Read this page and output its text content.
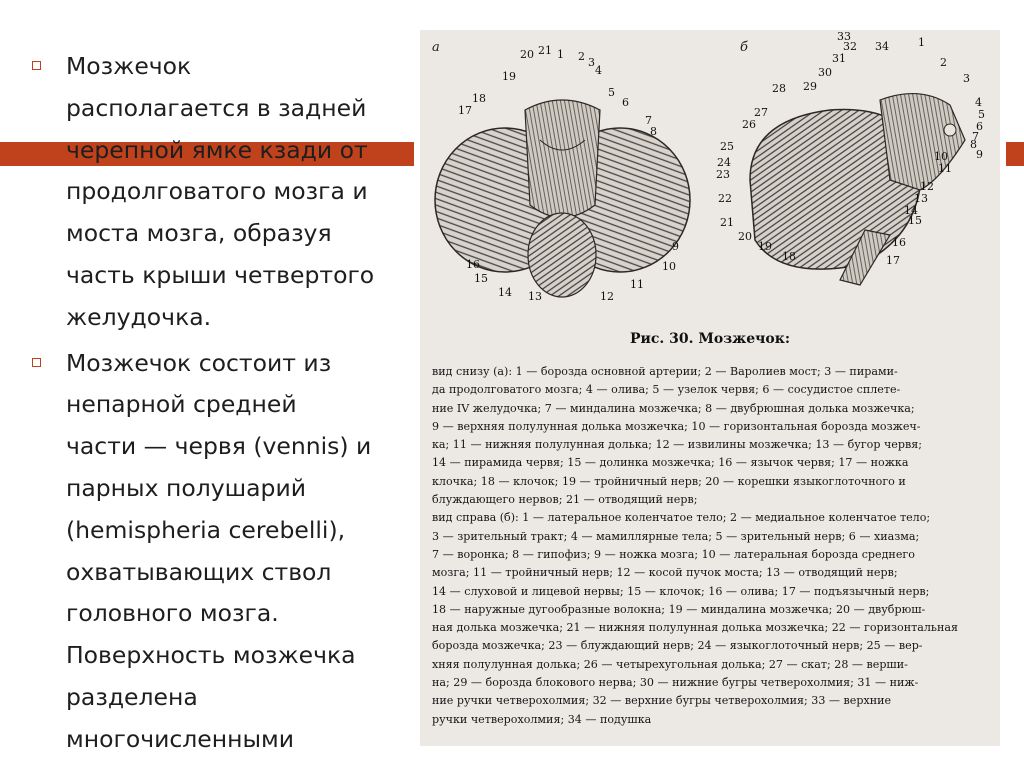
Мозжечок
располагается в задней
черепной ямке кзади от
продолговатого мозга и
моста мозга, образуя
часть крыши четвертого
желудочка.

Мозжечок состоит из
непарной средней
части — червя (vennis) и
парных полушарий
(hemispheria cerebelli),
охватывающих ствол
головного мозга.
Поверхность мозжечка
разделена
многочисленными

а	б
20 21 1 2 3
4
19
5
6
18
17
7
8
9
10
16
15
14 13	12
11
33
32 34
31
1
2
30	3
29
28
4
5
27
26	6
7
8
9
25
10
11
24
23
12
13
14
22
15
21
20
19	16
18	17
Рис. 30. Мозжечок:
вид снизу (а): 1 — борозда основной артерии; 2 — Варолиев мост; 3 — пирами-
да продолговатого мозга; 4 — олива; 5 — узелок червя; 6 — сосудистое сплете-
ние IV желудочка; 7 — миндалина мозжечка; 8 — двубрюшная долька мозжечка;
9 — верхняя полулунная долька мозжечка; 10 — горизонтальная борозда мозжеч-
ка; 11 — нижняя полулунная долька; 12 — извилины мозжечка; 13 — бугор червя;
14 — пирамида червя; 15 — долинка мозжечка; 16 — язычок червя; 17 — ножка
клочка; 18 — клочок; 19 — тройничный нерв; 20 — корешки языкоглоточного и
блуждающего нервов; 21 — отводящий нерв;
вид справа (б): 1 — латеральное коленчатое тело; 2 — медиальное коленчатое тело;
3 — зрительный тракт; 4 — мамиллярные тела; 5 — зрительный нерв; 6 — хиазма;
7 — воронка; 8 — гипофиз; 9 — ножка мозга; 10 — латеральная борозда среднего
мозга; 11 — тройничный нерв; 12 — косой пучок моста; 13 — отводящий нерв;
14 — слуховой и лицевой нервы; 15 — клочок; 16 — олива; 17 — подъязычный нерв;
18 — наружные дугообразные волокна; 19 — миндалина мозжечка; 20 — двубрюш-
ная долька мозжечка; 21 — нижняя полулунная долька мозжечка; 22 — горизонтальная
борозда мозжечка; 23 — блуждающий нерв; 24 — языкоглоточный нерв; 25 — вер-
хняя полулунная долька; 26 — четырехугольная долька; 27 — скат; 28 — верши-
на; 29 — борозда блокового нерва; 30 — нижние бугры четверохолмия; 31 — ниж-
ние ручки четверохолмия; 32 — верхние бугры четверохолмия; 33 — верхние
ручки четверохолмия; 34 — подушка
